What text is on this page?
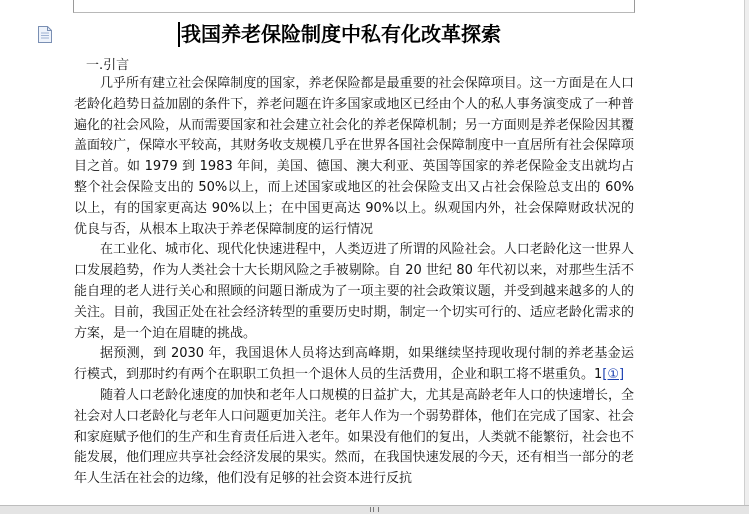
我国养老保险制度中私有化改革探索
一.引言

几乎所有建立社会保障制度的国家，养老保险都是最重要的社会保障项目。这一方面是在人口老龄化趋势日益加剧的条件下，养老问题在许多国家或地区已经由个人的私人事务演变成了一种普遍化的社会风险，从而需要国家和社会建立社会化的养老保障机制；另一方面则是养老保险因其覆盖面较广，保障水平较高，其财务收支规模几乎在世界各国社会保障制度中一直居所有社会保障项目之首。如 1979 到 1983 年间，美国、德国、澳大利亚、英国等国家的养老保险金支出就均占整个社会保险支出的 50%以上，而上述国家或地区的社会保险支出又占社会保险总支出的 60%以上，有的国家更高达 90%以上；在中国更高达 90%以上。纵观国内外，社会保障财政状况的优良与否，从根本上取决于养老保障制度的运行情况

在工业化、城市化、现代化快速进程中，人类迈进了所谓的风险社会。人口老龄化这一世界人口发展趋势，作为人类社会十大长期风险之手被剔除。自 20 世纪 80 年代初以来，对那些生活不能自理的老人进行关心和照顾的问题日渐成为了一项主要的社会政策议题，并受到越来越多的人的关注。目前，我国正处在社会经济转型的重要历史时期，制定一个切实可行的、适应老龄化需求的方案，是一个迫在眉睫的挑战。

据预测，到 2030 年，我国退休人员将达到高峰期，如果继续坚持现收现付制的养老基金运行模式，到那时约有两个在职职工负担一个退休人员的生活费用，企业和职工将不堪重负。1[①]

随着人口老龄化速度的加快和老年人口规模的日益扩大，尤其是高龄老年人口的快速增长，全社会对人口老龄化与老年人口问题更加关注。老年人作为一个弱势群体，他们在完成了国家、社会和家庭赋予他们的生产和生育责任后进入老年。如果没有他们的复出，人类就不能繁衍，社会也不能发展，他们理应共享社会经济发展的果实。然而，在我国快速发展的今天，还有相当一部分的老年人生活在社会的边缘，他们没有足够的社会资本进行反抗
